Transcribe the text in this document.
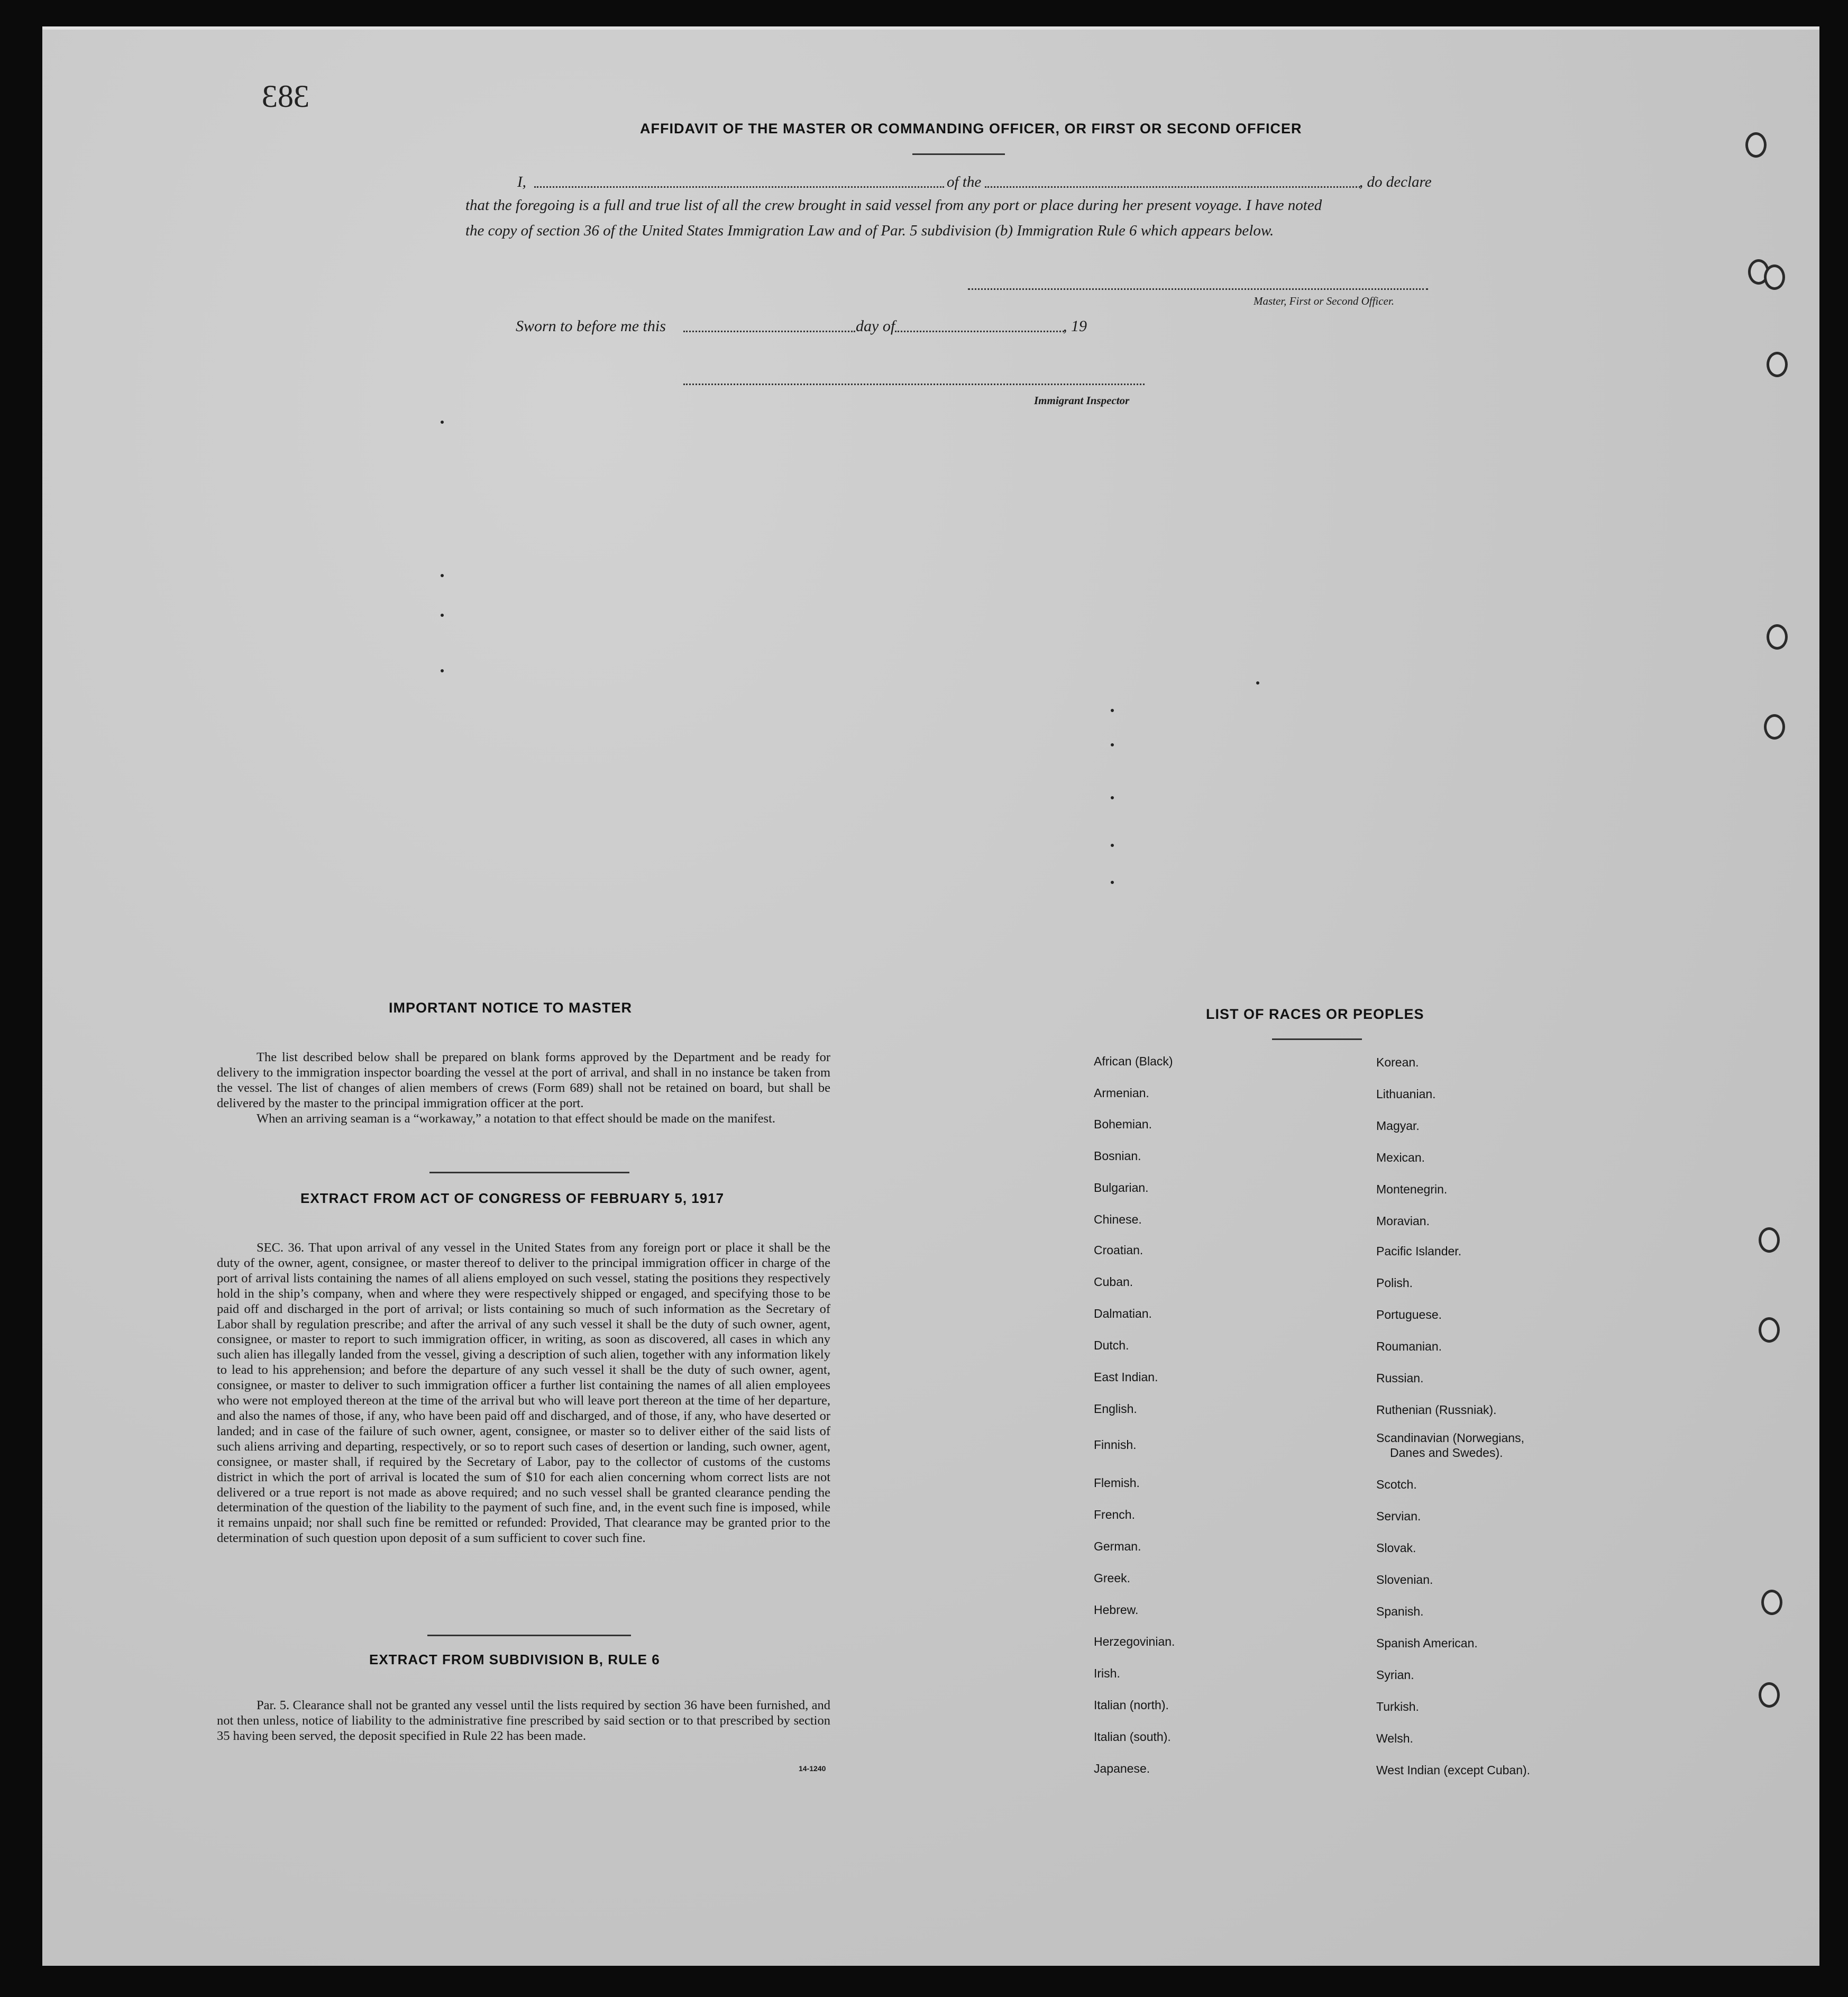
383
AFFIDAVIT OF THE MASTER OR COMMANDING OFFICER, OR FIRST OR SECOND OFFICER
I,	of the	, do declare
that the foregoing is a full and true list of all the crew brought in said vessel from any port or place during her present voyage. I have noted
the copy of section 36 of the United States Immigration Law and of Par. 5 subdivision (b) Immigration Rule 6 which appears below.
Master, First or Second Officer.
Sworn to before me this	day of	, 19
Immigrant Inspector
IMPORTANT NOTICE TO MASTER

The list described below shall be prepared on blank forms approved by the Department and be ready for delivery to the immigration inspector boarding the vessel at the port of arrival, and shall in no instance be taken from the vessel. The list of changes of alien members of crews (Form 689) shall not be retained on board, but shall be delivered by the master to the principal immigration officer at the port.

When an arriving seaman is a “workaway,” a notation to that effect should be made on the manifest.

EXTRACT FROM ACT OF CONGRESS OF FEBRUARY 5, 1917

SEC. 36. That upon arrival of any vessel in the United States from any foreign port or place it shall be the duty of the owner, agent, consignee, or master thereof to deliver to the principal immigration officer in charge of the port of arrival lists containing the names of all aliens employed on such vessel, stating the positions they respectively hold in the ship’s company, when and where they were respectively shipped or engaged, and specifying those to be paid off and discharged in the port of arrival; or lists containing so much of such information as the Secretary of Labor shall by regulation prescribe; and after the arrival of any such vessel it shall be the duty of such owner, agent, consignee, or master to report to such immigration officer, in writing, as soon as discovered, all cases in which any such alien has illegally landed from the vessel, giving a description of such alien, together with any information likely to lead to his apprehension; and before the departure of any such vessel it shall be the duty of such owner, agent, consignee, or master to deliver to such immigration officer a further list containing the names of all alien employees who were not employed thereon at the time of the arrival but who will leave port thereon at the time of her departure, and also the names of those, if any, who have been paid off and discharged, and of those, if any, who have deserted or landed; and in case of the failure of such owner, agent, consignee, or master so to deliver either of the said lists of such aliens arriving and departing, respectively, or so to report such cases of desertion or landing, such owner, agent, consignee, or master shall, if required by the Secretary of Labor, pay to the collector of customs of the customs district in which the port of arrival is located the sum of $10 for each alien concerning whom correct lists are not delivered or a true report is not made as above required; and no such vessel shall be granted clearance pending the determination of the question of the liability to the payment of such fine, and, in the event such fine is imposed, while it remains unpaid; nor shall such fine be remitted or refunded: Provided, That clearance may be granted prior to the determination of such question upon deposit of a sum sufficient to cover such fine.

EXTRACT FROM SUBDIVISION B, RULE 6

Par. 5. Clearance shall not be granted any vessel until the lists required by section 36 have been furnished, and not then unless, notice of liability to the administrative fine prescribed by said section or to that prescribed by section 35 having been served, the deposit specified in Rule 22 has been made.

14-1240
LIST OF RACES OR PEOPLES
African (Black)
Armenian.
Bohemian.
Bosnian.
Bulgarian.
Chinese.
Croatian.
Cuban.
Dalmatian.
Dutch.
East Indian.
English.
Finnish.
Flemish.
French.
German.
Greek.
Hebrew.
Herzegovinian.
Irish.
Italian (north).
Italian (south).
Japanese.
Korean.
Lithuanian.
Magyar.
Mexican.
Montenegrin.
Moravian.
Pacific Islander.
Polish.
Portuguese.
Roumanian.
Russian.
Ruthenian (Russniak).
Scandinavian (Norwegians,
Danes and Swedes).
Scotch.
Servian.
Slovak.
Slovenian.
Spanish.
Spanish American.
Syrian.
Turkish.
Welsh.
West Indian (except Cuban).
